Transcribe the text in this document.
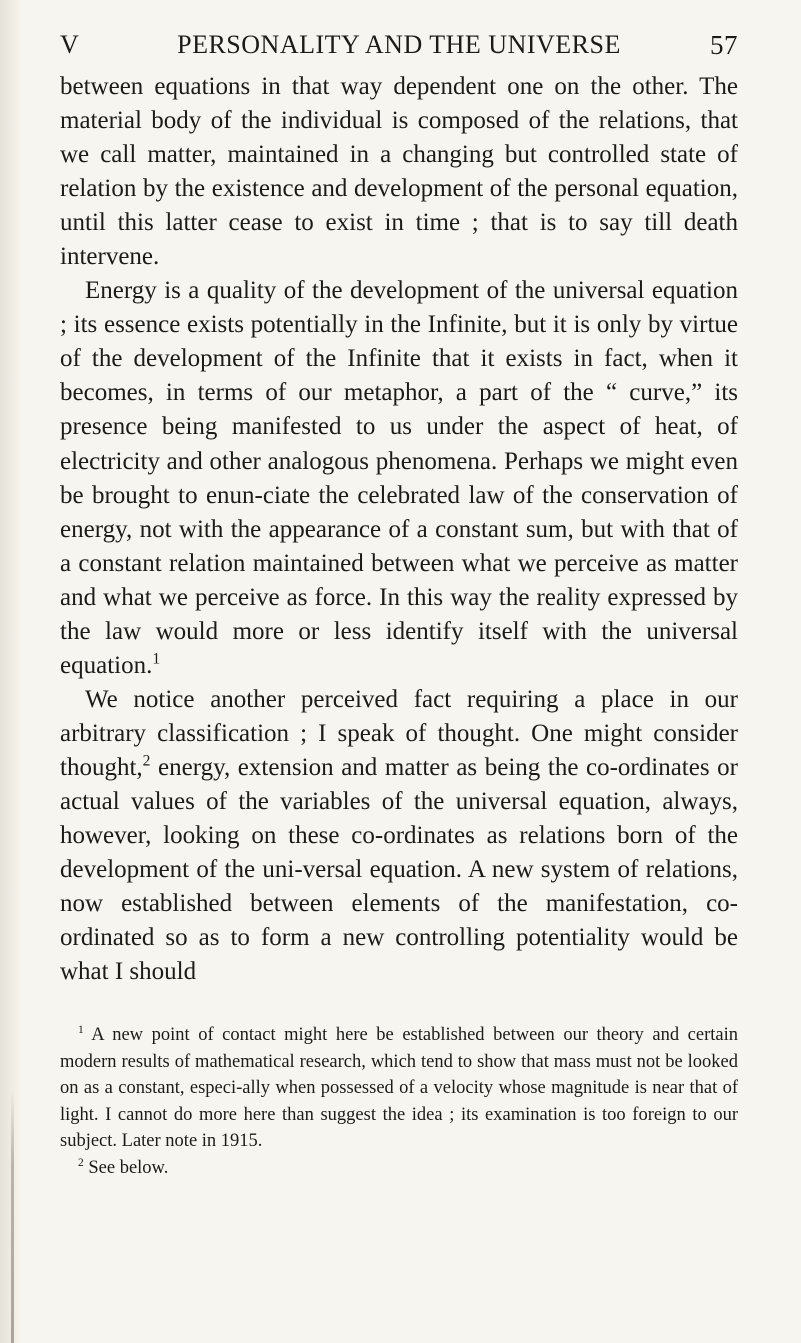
V	PERSONALITY AND THE UNIVERSE	57

between equations in that way dependent one on the other. The material body of the individual is composed of the relations, that we call matter, maintained in a changing but controlled state of relation by the existence and development of the personal equation, until this latter cease to exist in time ; that is to say till death intervene.

Energy is a quality of the development of the universal equation ; its essence exists potentially in the Infinite, but it is only by virtue of the development of the Infinite that it exists in fact, when it becomes, in terms of our metaphor, a part of the “ curve,” its presence being manifested to us under the aspect of heat, of electricity and other analogous phenomena. Perhaps we might even be brought to enun-ciate the celebrated law of the conservation of energy, not with the appearance of a constant sum, but with that of a constant relation maintained between what we perceive as matter and what we perceive as force. In this way the reality expressed by the law would more or less identify itself with the universal equation.$^1$

We notice another perceived fact requiring a place in our arbitrary classification ; I speak of thought. One might consider thought,$^2$ energy, extension and matter as being the co-ordinates or actual values of the variables of the universal equation, always, however, looking on these co-ordinates as relations born of the development of the uni-versal equation. A new system of relations, now established between elements of the manifestation, co-ordinated so as to form a new controlling potentiality would be what I should

$^1$ A new point of contact might here be established between our theory and certain modern results of mathematical research, which tend to show that mass must not be looked on as a constant, especi-ally when possessed of a velocity whose magnitude is near that of light. I cannot do more here than suggest the idea ; its examination is too foreign to our subject. Later note in 1915.

$^2$ See below.
